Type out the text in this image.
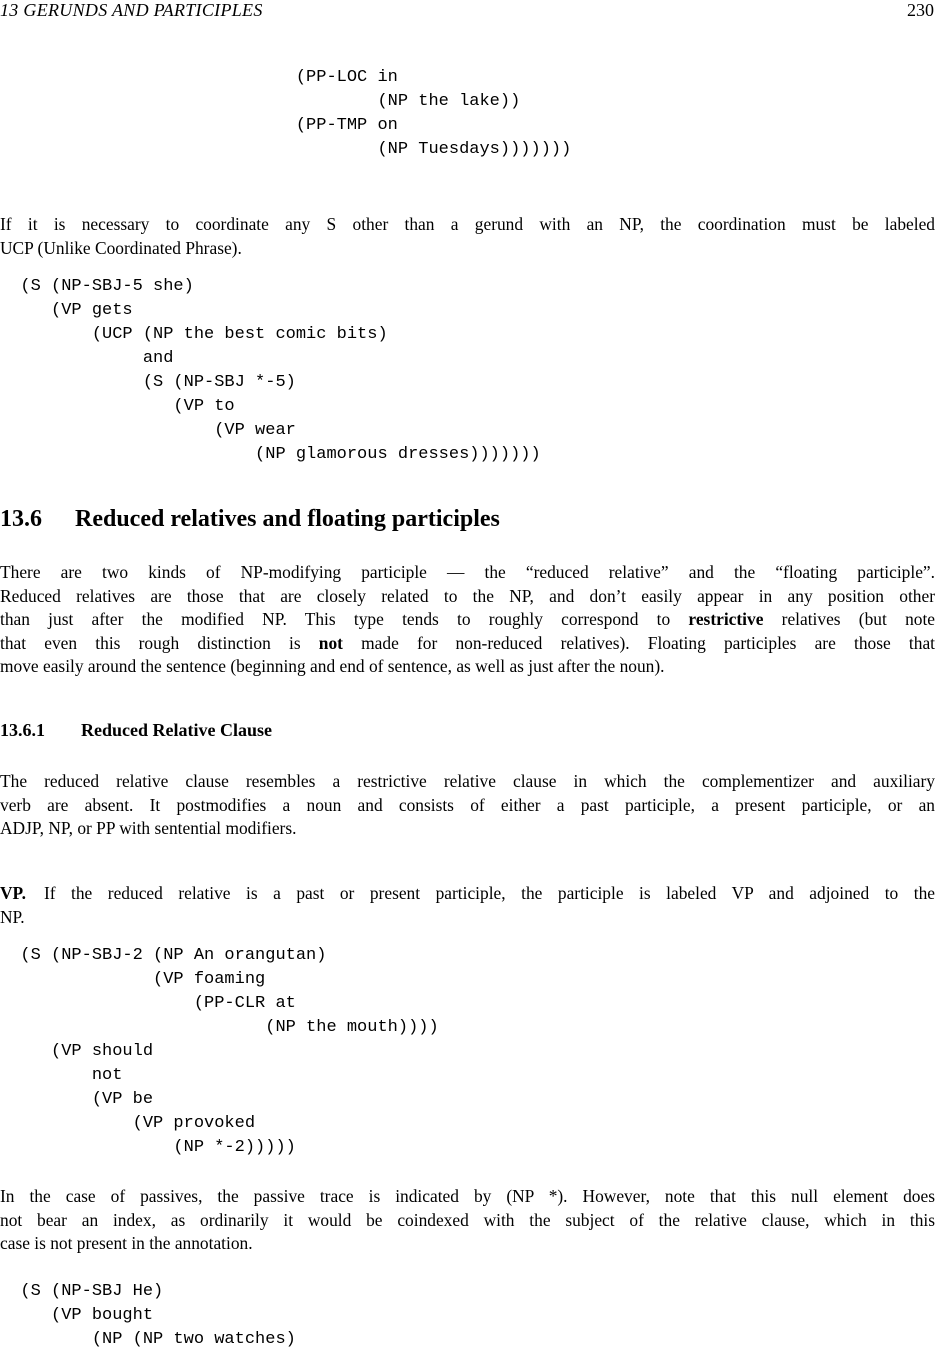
13 GERUNDS AND PARTICIPLES	230
(PP-LOC in
(NP the lake))
(PP-TMP on
(NP Tuesdays)))))))
If it is necessary to coordinate any S other than a gerund with an NP, the coordination must be labeled
UCP (Unlike Coordinated Phrase).
(S (NP-SBJ-5 she)
(VP gets
(UCP (NP the best comic bits)
and
(S (NP-SBJ *-5)
(VP to
(VP wear
(NP glamorous dresses)))))))
13.6 Reduced relatives and floating participles
There are two kinds of NP-modifying participle — the “reduced relative” and the “floating participle”.
Reduced relatives are those that are closely related to the NP, and don’t easily appear in any position other
than just after the modified NP. This type tends to roughly correspond to restrictive relatives (but note
that even this rough distinction is not made for non-reduced relatives). Floating participles are those that
move easily around the sentence (beginning and end of sentence, as well as just after the noun).
13.6.1 Reduced Relative Clause
The reduced relative clause resembles a restrictive relative clause in which the complementizer and auxiliary
verb are absent. It postmodifies a noun and consists of either a past participle, a present participle, or an
ADJP, NP, or PP with sentential modifiers.
VP. If the reduced relative is a past or present participle, the participle is labeled VP and adjoined to the
NP.
(S (NP-SBJ-2 (NP An orangutan)
(VP foaming
(PP-CLR at
(NP the mouth))))
(VP should
not
(VP be
(VP provoked
(NP *-2)))))
In the case of passives, the passive trace is indicated by (NP *). However, note that this null element does
not bear an index, as ordinarily it would be coindexed with the subject of the relative clause, which in this
case is not present in the annotation.
(S (NP-SBJ He)
(VP bought
(NP (NP two watches)
